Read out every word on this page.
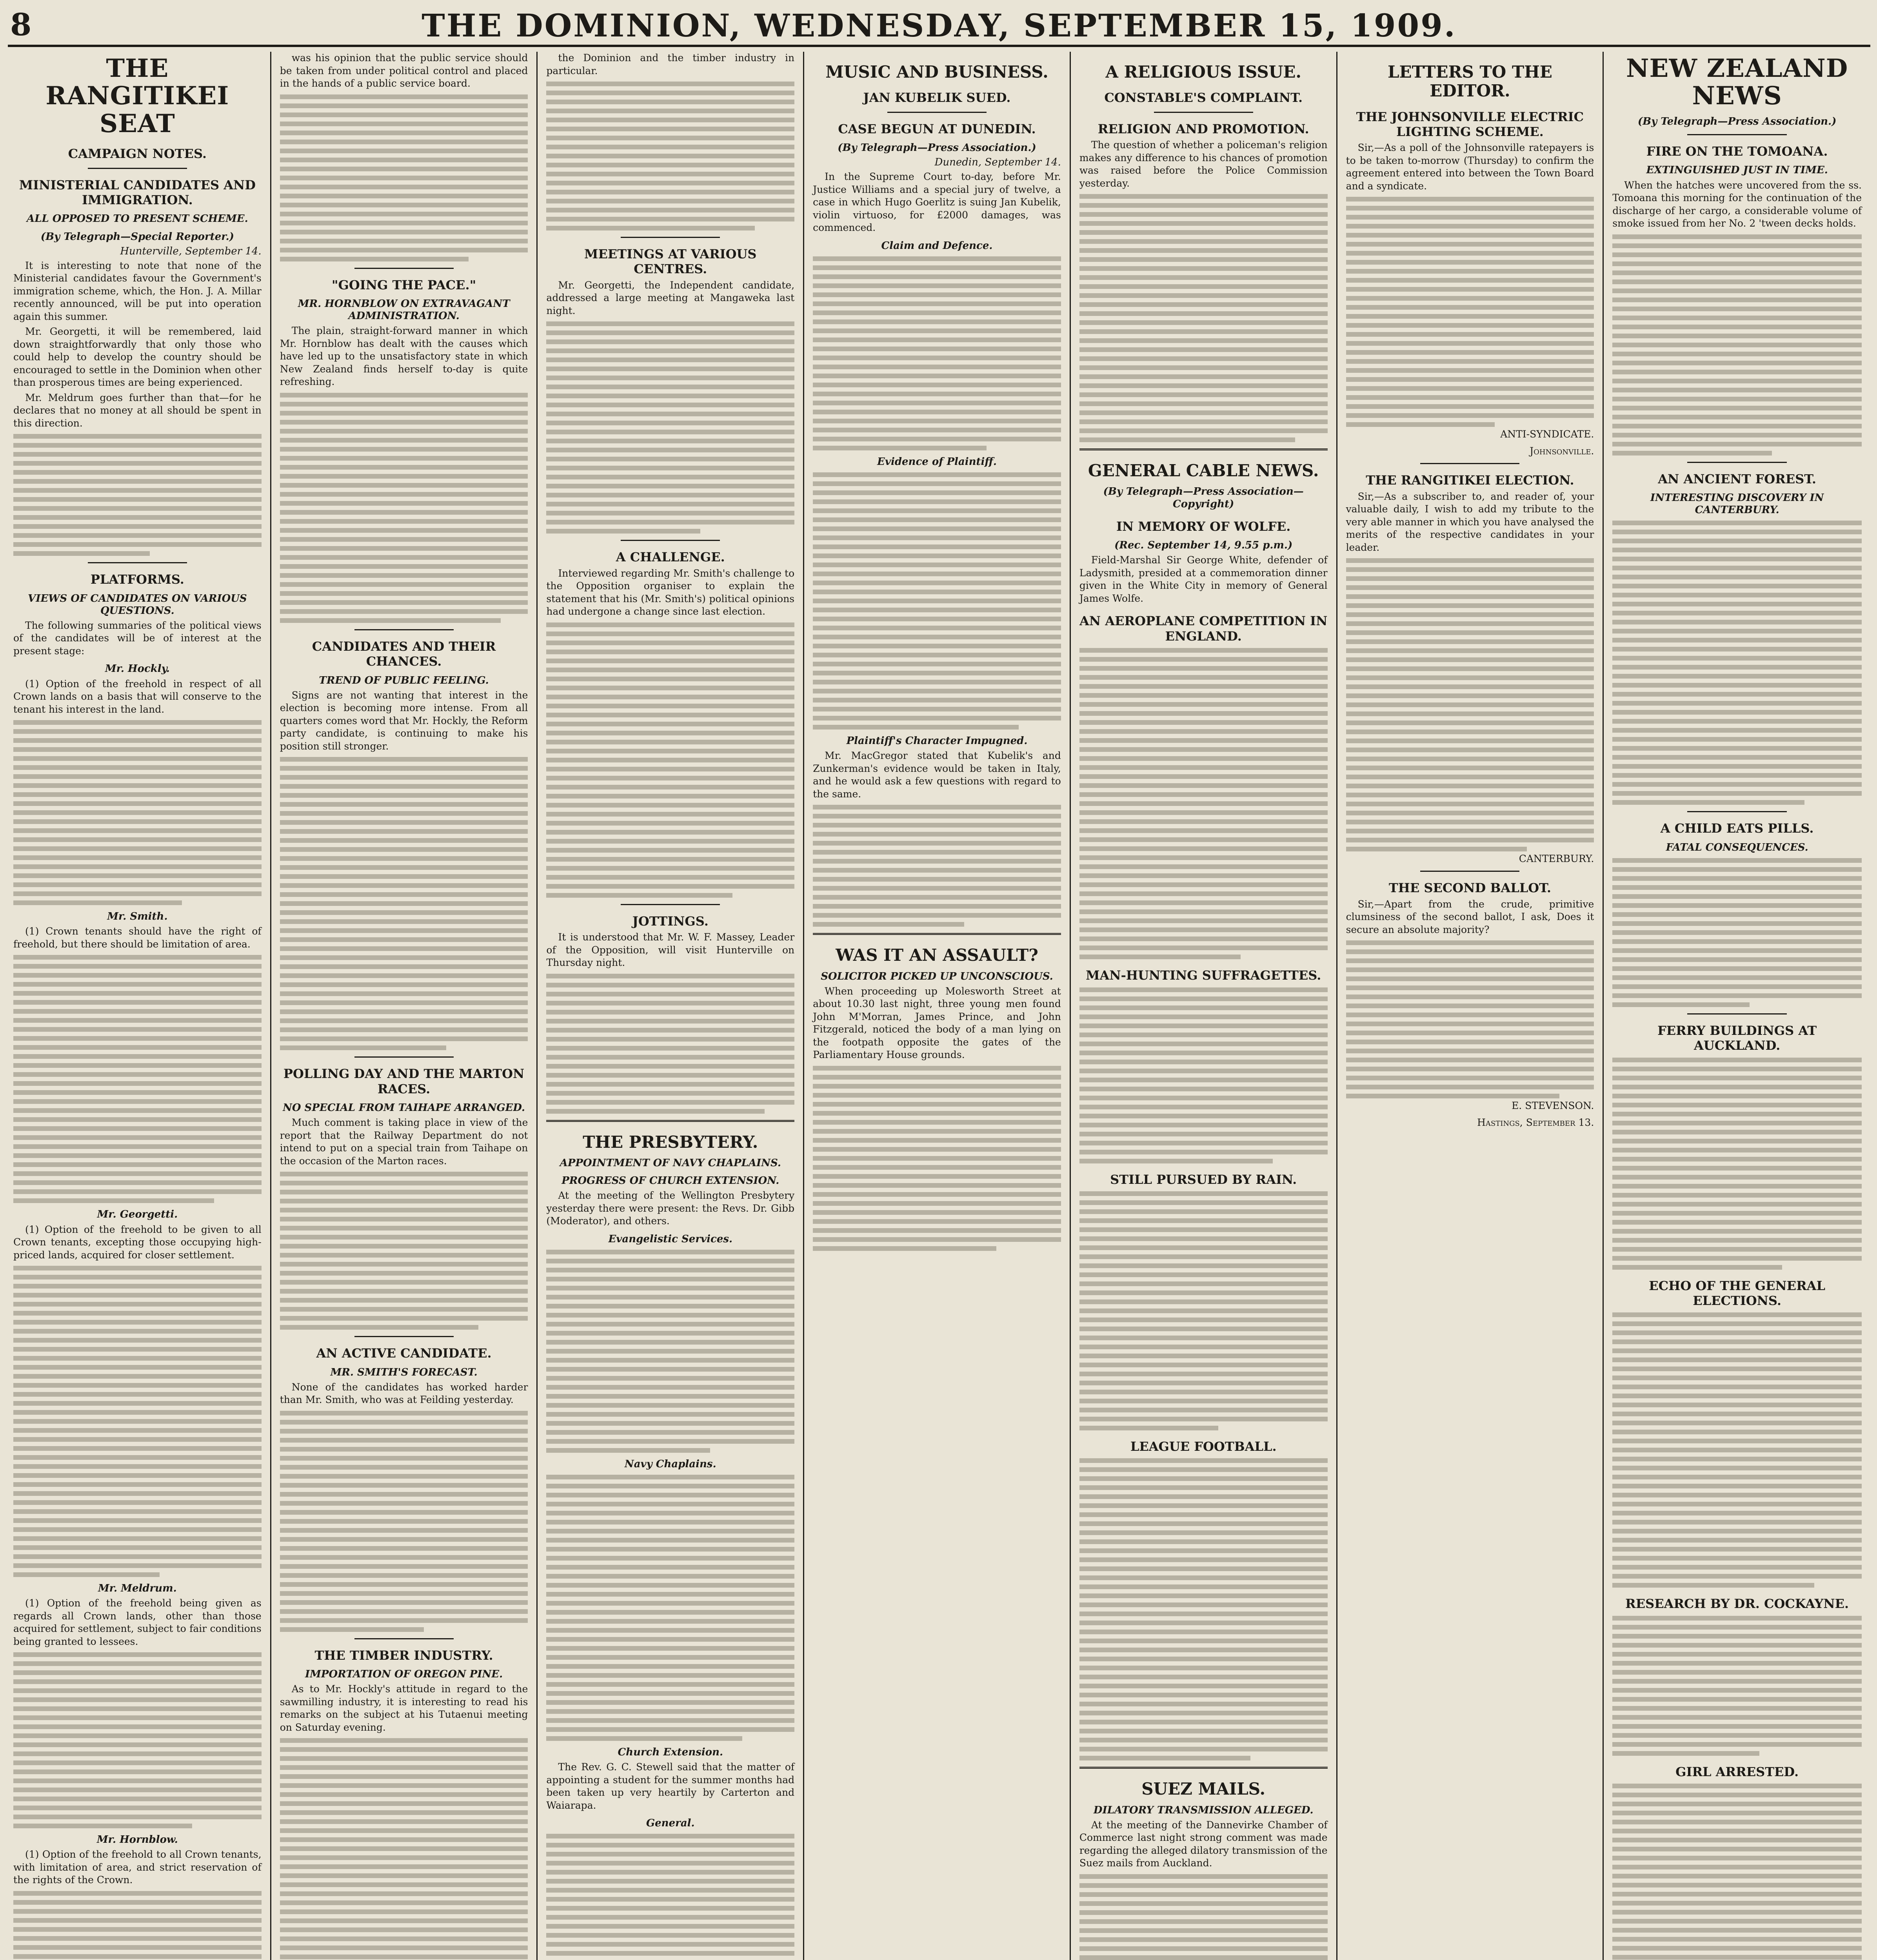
8	THE DOMINION, WEDNESDAY, SEPTEMBER 15, 1909.
THE RANGITIKEI SEAT
CAMPAIGN NOTES.
MINISTERIAL CANDIDATES AND IMMIGRATION.
ALL OPPOSED TO PRESENT SCHEME.
(By Telegraph—Special Reporter.)
Hunterville, September 14.

It is interesting to note that none of the Ministerial candidates favour the Government's immigration scheme, which, the Hon. J. A. Millar recently announced, will be put into operation again this summer.

Mr. Georgetti, it will be remembered, laid down straightforwardly that only those who could help to develop the country should be encouraged to settle in the Dominion when other than prosperous times are being experienced.

Mr. Meldrum goes further than that—for he declares that no money at all should be spent in this direction.

PLATFORMS.
VIEWS OF CANDIDATES ON VARIOUS QUESTIONS.

The following summaries of the political views of the candidates will be of interest at the present stage:

Mr. Hockly.

(1) Option of the freehold in respect of all Crown lands on a basis that will conserve to the tenant his interest in the land.

Mr. Smith.

(1) Crown tenants should have the right of freehold, but there should be limitation of area.

Mr. Georgetti.

(1) Option of the freehold to be given to all Crown tenants, excepting those occupying high-priced lands, acquired for closer settlement.

Mr. Meldrum.

(1) Option of the freehold being given as regards all Crown lands, other than those acquired for settlement, subject to fair conditions being granted to lessees.

Mr. Hornblow.

(1) Option of the freehold to all Crown tenants, with limitation of area, and strict reservation of the rights of the Crown.

was his opinion that the public service should be taken from under political control and placed in the hands of a public service board.

"GOING THE PACE."
MR. HORNBLOW ON EXTRAVAGANT ADMINISTRATION.

The plain, straight-forward manner in which Mr. Hornblow has dealt with the causes which have led up to the unsatisfactory state in which New Zealand finds herself to-day is quite refreshing.

CANDIDATES AND THEIR CHANCES.
TREND OF PUBLIC FEELING.

Signs are not wanting that interest in the election is becoming more intense. From all quarters comes word that Mr. Hockly, the Reform party candidate, is continuing to make his position still stronger.

POLLING DAY AND THE MARTON RACES.
NO SPECIAL FROM TAIHAPE ARRANGED.

Much comment is taking place in view of the report that the Railway Department do not intend to put on a special train from Taihape on the occasion of the Marton races.

AN ACTIVE CANDIDATE.
MR. SMITH'S FORECAST.

None of the candidates has worked harder than Mr. Smith, who was at Feilding yesterday.

THE TIMBER INDUSTRY.
IMPORTATION OF OREGON PINE.

As to Mr. Hockly's attitude in regard to the sawmilling industry, it is interesting to read his remarks on the subject at his Tutaenui meeting on Saturday evening.

the Dominion and the timber industry in particular.

MEETINGS AT VARIOUS CENTRES.

Mr. Georgetti, the Independent candidate, addressed a large meeting at Mangaweka last night.

A CHALLENGE.

Interviewed regarding Mr. Smith's challenge to the Opposition organiser to explain the statement that his (Mr. Smith's) political opinions had undergone a change since last election.

JOTTINGS.

It is understood that Mr. W. F. Massey, Leader of the Opposition, will visit Hunterville on Thursday night.

THE PRESBYTERY.
APPOINTMENT OF NAVY CHAPLAINS.
PROGRESS OF CHURCH EXTENSION.

At the meeting of the Wellington Presbytery yesterday there were present: the Revs. Dr. Gibb (Moderator), and others.

Evangelistic Services.
Navy Chaplains.
Church Extension.

The Rev. G. C. Stewell said that the matter of appointing a student for the summer months had been taken up very heartily by Carterton and Waiarapa.

General.
MUSIC AND BUSINESS.
JAN KUBELIK SUED.
CASE BEGUN AT DUNEDIN.
(By Telegraph—Press Association.)
Dunedin, September 14.

In the Supreme Court to-day, before Mr. Justice Williams and a special jury of twelve, a case in which Hugo Goerlitz is suing Jan Kubelik, violin virtuoso, for £2000 damages, was commenced.

Claim and Defence.
Evidence of Plaintiff.
Plaintiff's Character Impugned.

Mr. MacGregor stated that Kubelik's and Zunkerman's evidence would be taken in Italy, and he would ask a few questions with regard to the same.

WAS IT AN ASSAULT?
SOLICITOR PICKED UP UNCONSCIOUS.

When proceeding up Molesworth Street at about 10.30 last night, three young men found John M'Morran, James Prince, and John Fitzgerald, noticed the body of a man lying on the footpath opposite the gates of the Parliamentary House grounds.

A RELIGIOUS ISSUE.
CONSTABLE'S COMPLAINT.
RELIGION AND PROMOTION.

The question of whether a policeman's religion makes any difference to his chances of promotion was raised before the Police Commission yesterday.

GENERAL CABLE NEWS.
(By Telegraph—Press Association—Copyright)
IN MEMORY OF WOLFE.
(Rec. September 14, 9.55 p.m.)

Field-Marshal Sir George White, defender of Ladysmith, presided at a commemoration dinner given in the White City in memory of General James Wolfe.

AN AEROPLANE COMPETITION IN ENGLAND.
MAN-HUNTING SUFFRAGETTES.
STILL PURSUED BY RAIN.
LEAGUE FOOTBALL.
SUEZ MAILS.
DILATORY TRANSMISSION ALLEGED.

At the meeting of the Dannevirke Chamber of Commerce last night strong comment was made regarding the alleged dilatory transmission of the Suez mails from Auckland.

LETTERS TO THE EDITOR.
THE JOHNSONVILLE ELECTRIC LIGHTING SCHEME.

Sir,—As a poll of the Johnsonville ratepayers is to be taken to-morrow (Thursday) to confirm the agreement entered into between the Town Board and a syndicate.

ANTI-SYNDICATE.
Johnsonville.
THE RANGITIKEI ELECTION.

Sir,—As a subscriber to, and reader of, your valuable daily, I wish to add my tribute to the very able manner in which you have analysed the merits of the respective candidates in your leader.

CANTERBURY.
THE SECOND BALLOT.

Sir,—Apart from the crude, primitive clumsiness of the second ballot, I ask, Does it secure an absolute majority?

E. STEVENSON.
Hastings, September 13.
NEW ZEALAND NEWS
(By Telegraph—Press Association.)
FIRE ON THE TOMOANA.
EXTINGUISHED JUST IN TIME.

When the hatches were uncovered from the ss. Tomoana this morning for the continuation of the discharge of her cargo, a considerable volume of smoke issued from her No. 2 'tween decks holds.

AN ANCIENT FOREST.
INTERESTING DISCOVERY IN CANTERBURY.
A CHILD EATS PILLS.
FATAL CONSEQUENCES.
FERRY BUILDINGS AT AUCKLAND.
ECHO OF THE GENERAL ELECTIONS.
RESEARCH BY DR. COCKAYNE.
GIRL ARRESTED.
